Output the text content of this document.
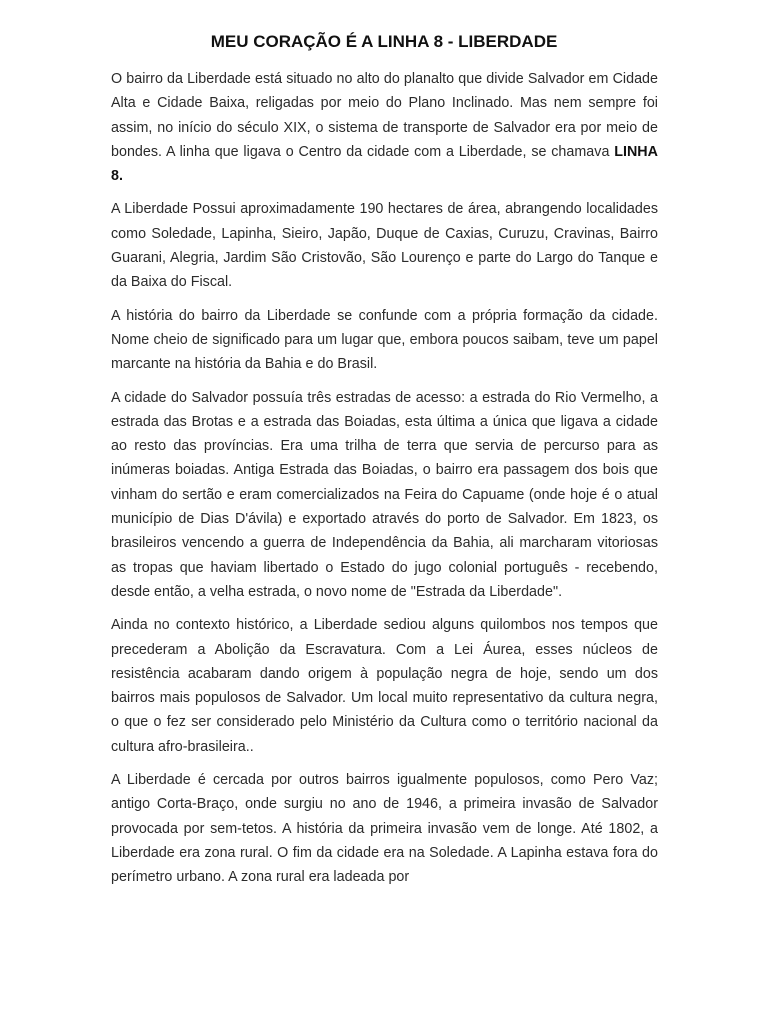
MEU CORAÇÃO É A LINHA 8 - LIBERDADE

O bairro da Liberdade está situado no alto do planalto que divide Salvador em Cidade Alta e Cidade Baixa, religadas por meio do Plano Inclinado. Mas nem sempre foi assim, no início do século XIX, o sistema de transporte de Salvador era por meio de bondes. A linha que ligava o Centro da cidade com a Liberdade, se chamava LINHA 8.

A Liberdade Possui aproximadamente 190 hectares de área, abrangendo localidades como Soledade, Lapinha, Sieiro, Japão, Duque de Caxias, Curuzu, Cravinas, Bairro Guarani, Alegria, Jardim São Cristovão, São Lourenço e parte do Largo do Tanque e da Baixa do Fiscal.

A história do bairro da Liberdade se confunde com a própria formação da cidade. Nome cheio de significado para um lugar que, embora poucos saibam, teve um papel marcante na história da Bahia e do Brasil.

A cidade do Salvador possuía três estradas de acesso: a estrada do Rio Vermelho, a estrada das Brotas e a estrada das Boiadas, esta última a única que ligava a cidade ao resto das províncias. Era uma trilha de terra que servia de percurso para as inúmeras boiadas. Antiga Estrada das Boiadas, o bairro era passagem dos bois que vinham do sertão e eram comercializados na Feira do Capuame (onde hoje é o atual município de Dias D'ávila) e exportado através do porto de Salvador. Em 1823, os brasileiros vencendo a guerra de Independência da Bahia, ali marcharam vitoriosas as tropas que haviam libertado o Estado do jugo colonial português - recebendo, desde então, a velha estrada, o novo nome de "Estrada da Liberdade".

Ainda no contexto histórico, a Liberdade sediou alguns quilombos nos tempos que precederam a Abolição da Escravatura. Com a Lei Áurea, esses núcleos de resistência acabaram dando origem à população negra de hoje, sendo um dos bairros mais populosos de Salvador. Um local muito representativo da cultura negra, o que o fez ser considerado pelo Ministério da Cultura como o território nacional da cultura afro-brasileira..

A Liberdade é cercada por outros bairros igualmente populosos, como Pero Vaz; antigo Corta-Braço, onde surgiu no ano de 1946, a primeira invasão de Salvador provocada por sem-tetos. A história da primeira invasão vem de longe. Até 1802, a Liberdade era zona rural. O fim da cidade era na Soledade. A Lapinha estava fora do perímetro urbano. A zona rural era ladeada por
